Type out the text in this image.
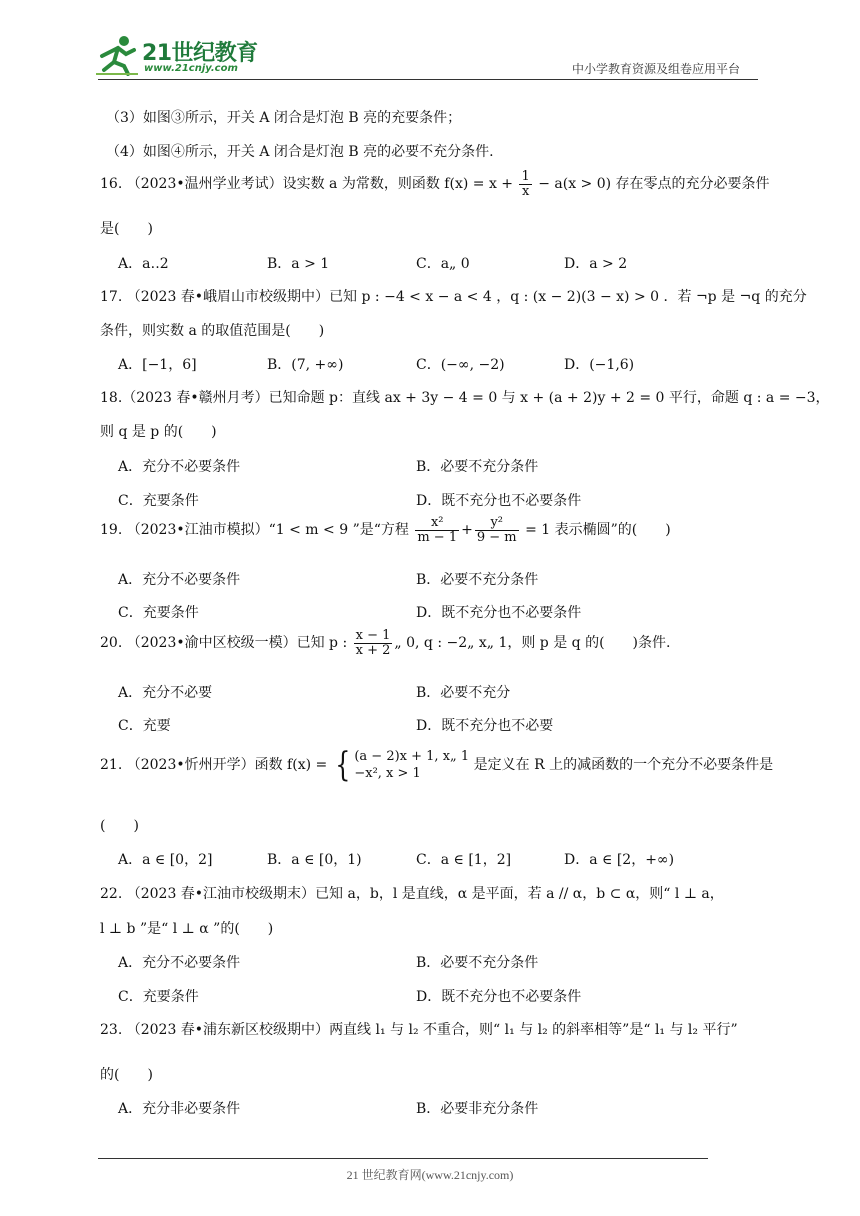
21世纪教育
www.21cnjy.com	中小学教育资源及组卷应用平台
（3）如图③所示，开关 A 闭合是灯泡 B 亮的充要条件；
（4）如图④所示，开关 A 闭合是灯泡 B 亮的必要不充分条件.
16. （2023•温州学业考试）设实数 a 为常数，则函数 $f(x) = x + \frac{1}{x} - a(x > 0)$ 存在零点的充分必要条件
是(　　)
A．a‥2	B．a > 1	C．a„ 0	D．a > 2
17. （2023 春•峨眉山市校级期中）已知 p : −4 < x − a < 4 ，q : (x − 2)(3 − x) > 0 ．若 ¬p 是 ¬q 的充分
条件，则实数 a 的取值范围是(　　)
A．[−1，6]	B．(7, +∞)	C．(−∞, −2)	D．(−1,6)
18.（2023 春•赣州月考）已知命题 p：直线 ax + 3y − 4 = 0 与 x + (a + 2)y + 2 = 0 平行，命题 q : a = −3，
则 q 是 p 的(　　)
A．充分不必要条件	B．必要不充分条件
C．充要条件	D．既不充分也不必要条件
19. （2023•江油市模拟）“1 < m < 9 ”是“方程 $\frac{\text{x²}}{m - 1} + \frac{\text{y²}}{9 - m} = 1$ 表示椭圆”的(　　)
A．充分不必要条件	B．必要不充分条件
C．充要条件	D．既不充分也不必要条件
20. （2023•渝中区校级一模）已知 p : $\frac{x - 1}{x + 2}$ „ 0, q : −2„ x„ 1，则 p 是 q 的(　　)条件.
A．充分不必要	B．必要不充分
C．充要	D．既不充分也不必要
21. （2023•忻州开学）函数 f(x) = { (a − 2)x + 1, x„ 1
−x², x > 1
是定义在 R 上的减函数的一个充分不必要条件是
(　　)
A．a ∈ [0，2]	B．a ∈ [0，1)	C．a ∈ [1，2]	D．a ∈ [2，+∞)
22. （2023 春•江油市校级期末）已知 a，b，l 是直线，α 是平面，若 a // α，b ⊂ α，则“ l ⊥ a，
l ⊥ b ”是“ l ⊥ α ”的(　　)
A．充分不必要条件	B．必要不充分条件
C．充要条件	D．既不充分也不必要条件
23. （2023 春•浦东新区校级期中）两直线 l₁ 与 l₂ 不重合，则“ l₁ 与 l₂ 的斜率相等”是“ l₁ 与 l₂ 平行”
的(　　)
A．充分非必要条件	B．必要非充分条件
21 世纪教育网(www.21cnjy.com)
